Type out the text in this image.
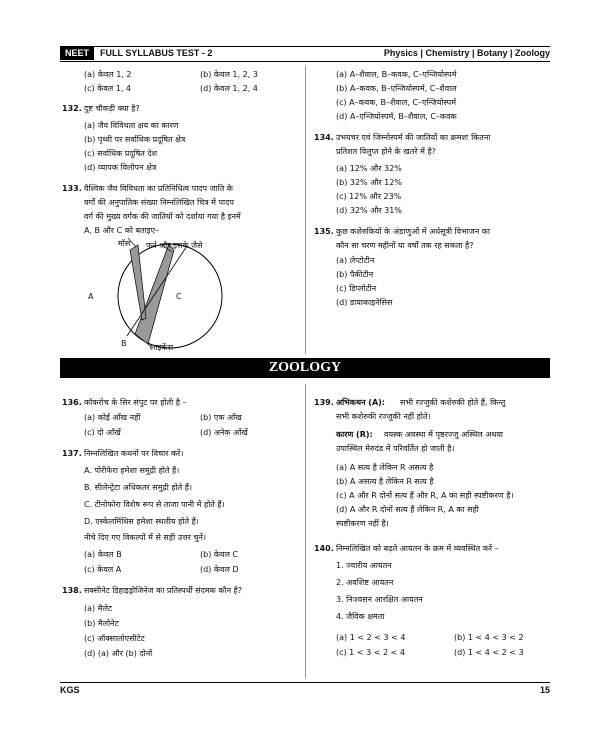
NEET	FULL SYLLABUS TEST - 2	Physics | Chemistry | Botany | Zoology
(a) केवल 1, 2	(b) केवल 1, 2, 3
(c) केवल 1, 4	(d) केवल 1, 2, 4
132. दुष्ट चौकड़ी क्या है?
(a) जैव विविधता क्षय का कारण
(b) पृथ्वी पर सर्वाधिक प्रदूषित क्षेत्र
(c) सर्वाधिक प्रदूषित देश
(d) व्यापक विलोपन क्षेत्र
133. वैश्विक जैव विविधता का प्रतिनिधित्व पादप जाति के
वर्गों की अनुपातिक संख्या निम्नलिखित चित्र में पादप
वर्ग की मुख्य वर्गक की जातियों को दर्शाया गया है इनमें
A, B और C को बताइए–
मॉस फर्न और इसके जैसे
A	C
B	लाइकेंस
(a) A–शैवाल, B–कवक, C–एन्जियोस्पर्म
(b) A–कवक, B–एन्जियोस्पर्म, C–शैवाल
(c) A–कवक, B–शैवाल, C–एन्जियोस्पर्म
(d) A–एन्जियोस्पर्म, B–शैवाल, C–कवक
134. उभयचर एवं जिम्नोस्पर्म की जातियों का क्रमशः कितना
प्रतिशत विलुप्त होने के खतरे में है?
(a) 12% और 32%
(b) 32% और 12%
(c) 12% और 23%
(d) 32% और 31%
135. कुछ कशेरुकियों के अंडाणुओं में अर्धसूत्री विभाजन का
कौन सा चरण महीनों या वर्षों तक रह सकता है?
(a) लेप्टोटीन
(b) पैकीटीन
(c) डिप्लोटीन
(d) डायाकाइनेसिस
ZOOLOGY
136. कॉकरोच के सिर संपुट पर होती है –
(a) कोई आँख नहीं	(b) एक आँख
(c) दो आँखें	(d) अनेक आँखें
137. निम्नलिखित कथनों पर विचार करें।
A. पोरीफेरा हमेशा समुद्री होते हैं।
B. सीलेन्ट्रेटा अधिकतर समुद्री होते हैं।
C. टीनोफोरा विशेष रूप से ताजा पानी में होते हैं।
D. एस्केलमिंथिस हमेशा स्थलीय होते हैं।
नीचे दिए गए विकल्पों में से सही उत्तर चुनें।
(a) केवल B	(b) केवल C
(c) केवल A	(d) केवल D
138. सक्सीनेट डिहाइड्रोजिनेज का प्रतिस्पर्धी संदमक कौन है?
(a) मैलेट
(b) मैलोनेट
(c) ऑक्सालोएसीटेट
(d) (a) और (b) दोनों
139. अभिकथन (A): सभी रज्जुकी कशेरुकी होते हैं, किन्तु
सभी कशेरुकी रज्जुकी नहीं होते।
कारण (R): वयस्क अवस्था में पृष्ठरज्जु अस्थिल अथवा
उपास्थिल मेरुदंड में परिवर्तित हो जाती है।
(a) A सत्य है लेकिन R असत्य है
(b) A असत्य है लेकिन R सत्य है
(c) A और R दोनों सत्य हैं और R, A का सही स्पष्टीकरण है।
(d) A और R दोनों सत्य हैं लेकिन R, A का सही
स्पष्टीकरण नहीं है।
140. निम्नलिखित को बढ़ते आयतन के क्रम में व्यवस्थित करें –
1. ज्वारीय आयतन
2. अवशिष्ट आयतन
3. निःश्वसन आरक्षित आयतन
4. जैविक क्षमता
(a) 1 < 2 < 3 < 4	(b) 1 < 4 < 3 < 2
(c) 1 < 3 < 2 < 4	(d) 1 < 4 < 2 < 3
KGS	15
